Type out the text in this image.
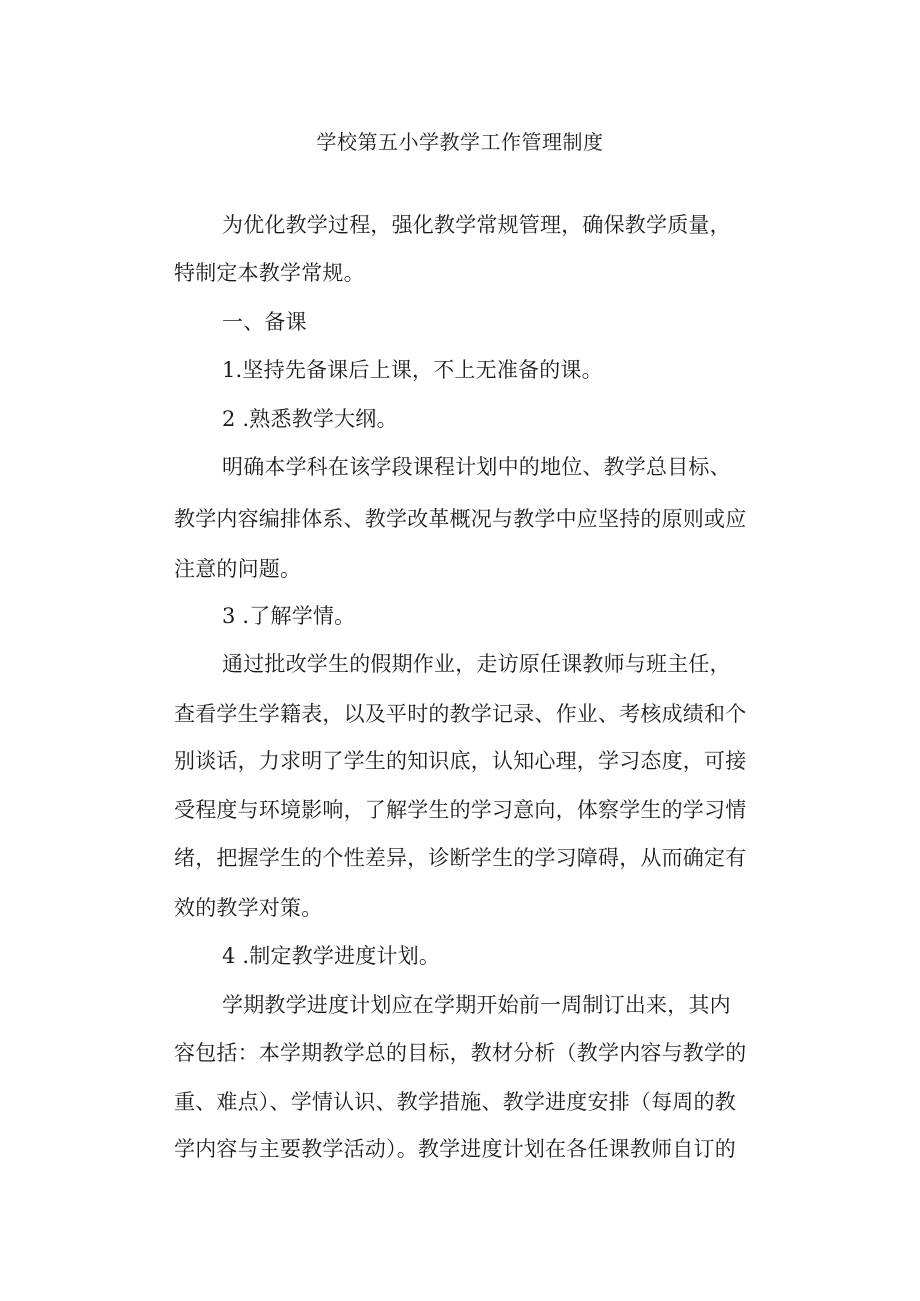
学校第五小学教学工作管理制度
为优化教学过程，强化教学常规管理，确保教学质量，
特制定本教学常规。
一、备课
1.坚持先备课后上课，不上无准备的课。
2 .熟悉教学大纲。
明确本学科在该学段课程计划中的地位、教学总目标、
教学内容编排体系、教学改革概况与教学中应坚持的原则或应
注意的问题。
3 .了解学情。
通过批改学生的假期作业，走访原任课教师与班主任，
查看学生学籍表，以及平时的教学记录、作业、考核成绩和个
别谈话，力求明了学生的知识底，认知心理，学习态度，可接
受程度与环境影响，了解学生的学习意向，体察学生的学习情
绪，把握学生的个性差异，诊断学生的学习障碍，从而确定有
效的教学对策。
4 .制定教学进度计划。
学期教学进度计划应在学期开始前一周制订出来，其内
容包括：本学期教学总的目标，教材分析（教学内容与教学的
重、难点）、学情认识、教学措施、教学进度安排（每周的教
学内容与主要教学活动）。教学进度计划在各任课教师自订的
